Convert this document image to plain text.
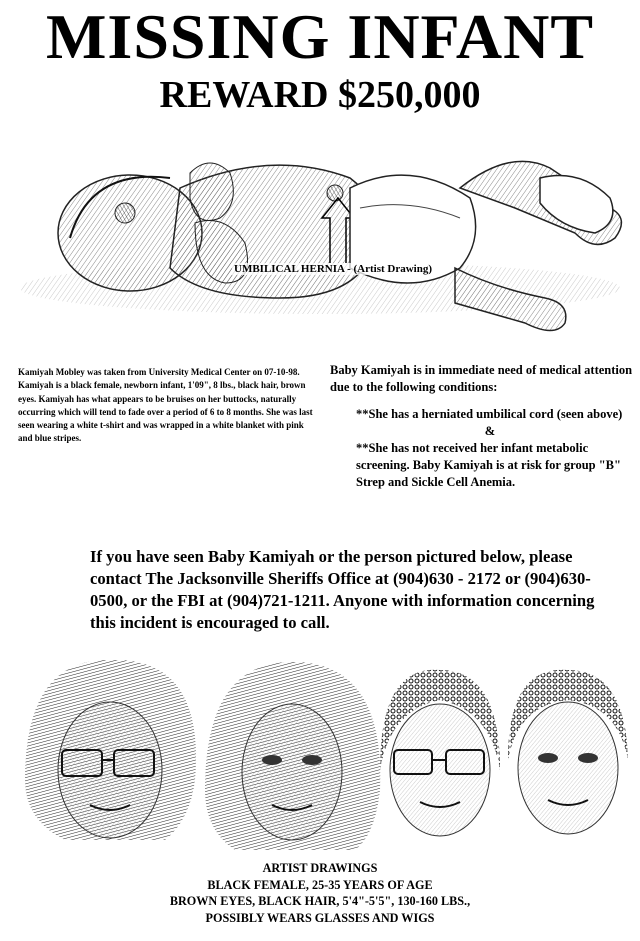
MISSING INFANT
REWARD $250,000
UMBILICAL HERNIA - (Artist Drawing)
Kamiyah Mobley was taken from University Medical Center on 07-10-98. Kamiyah is a black female, newborn infant, 1'09", 8 lbs., black hair, brown eyes. Kamiyah has what appears to be bruises on her buttocks, naturally occurring which will tend to fade over a period of 6 to 8 months. She was last seen wearing a white t-shirt and was wrapped in a white blanket with pink and blue stripes.

Baby Kamiyah is in immediate need of medical attention due to the following conditions:

**She has a herniated umbilical cord (seen above)

&

**She has not received her infant metabolic screening. Baby Kamiyah is at risk for group "B" Strep and Sickle Cell Anemia.

If you have seen Baby Kamiyah or the person pictured below, please contact The Jacksonville Sheriffs Office at (904)630 - 2172 or (904)630-0500, or the FBI at (904)721-1211. Anyone with information concerning this incident is encouraged to call.
ARTIST DRAWINGS
BLACK FEMALE, 25-35 YEARS OF AGE
BROWN EYES, BLACK HAIR, 5'4"-5'5", 130-160 LBS.,
POSSIBLY WEARS GLASSES AND WIGS
